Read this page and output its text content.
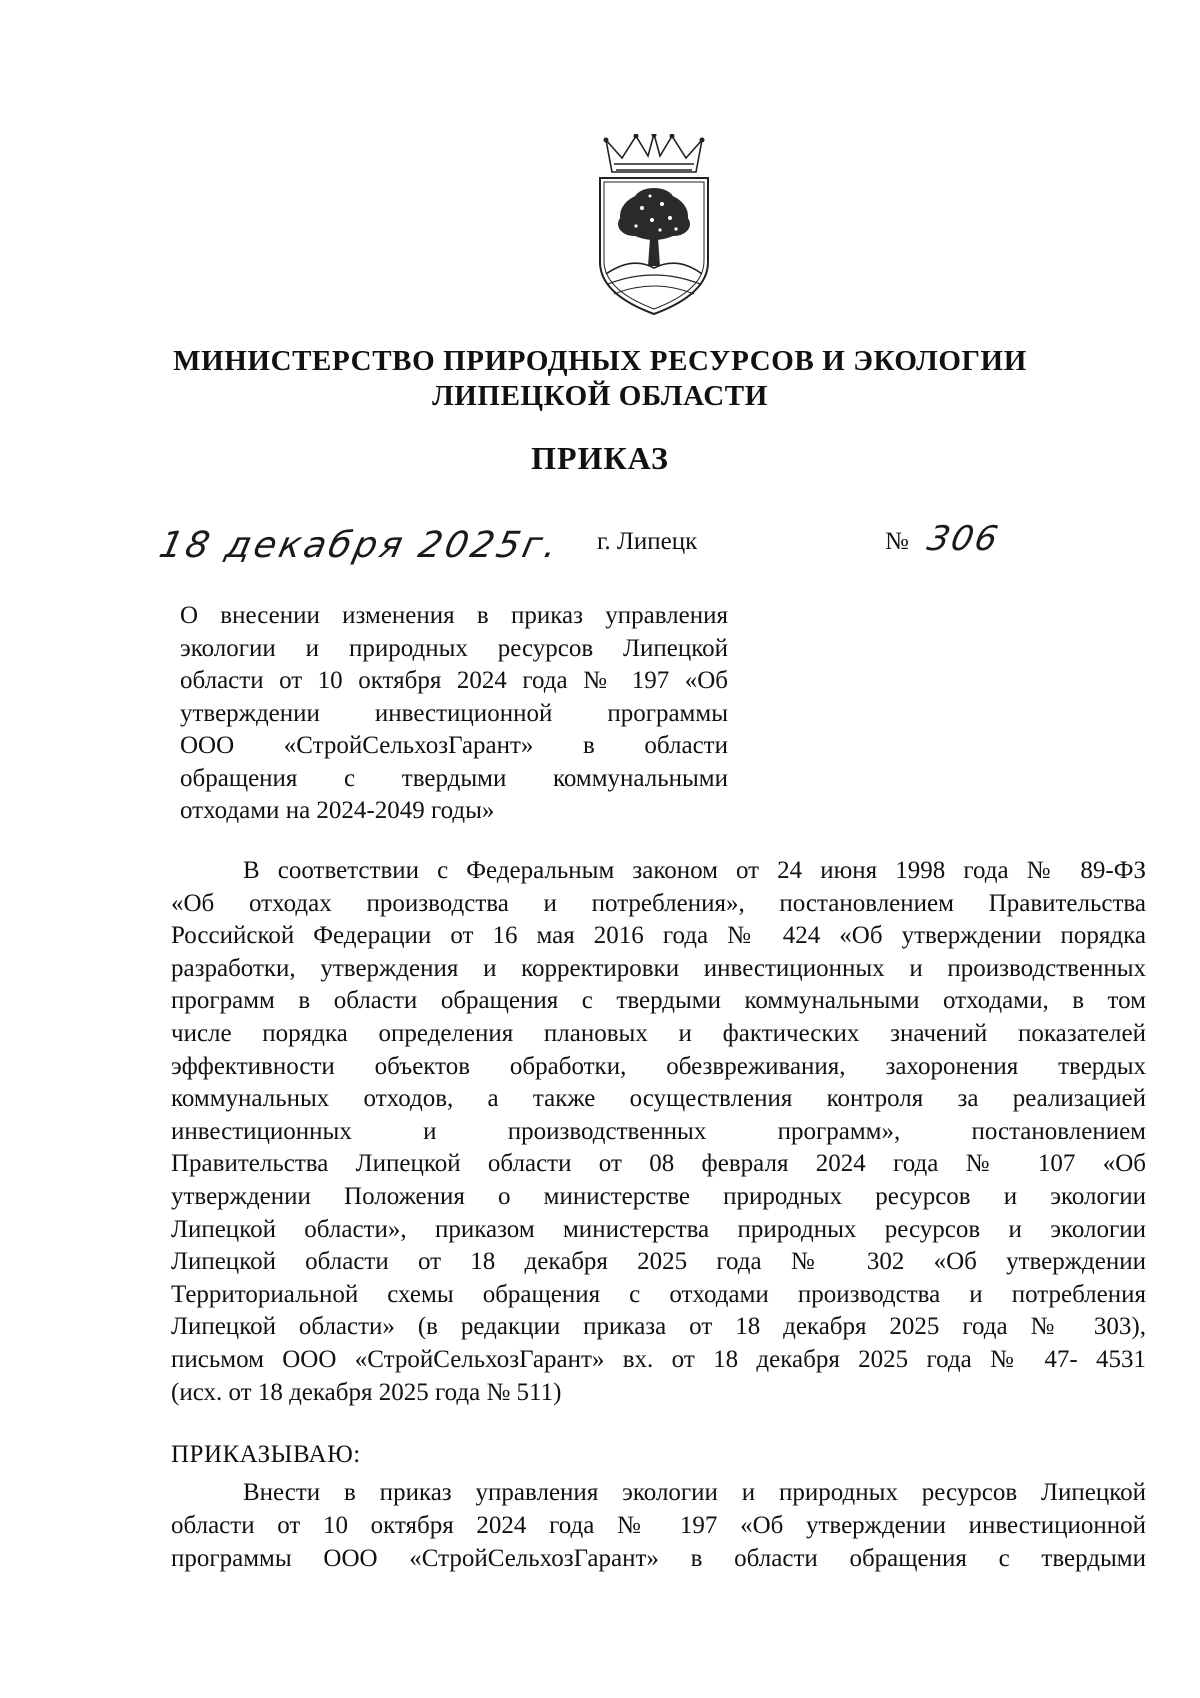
МИНИСТЕРСТВО ПРИРОДНЫХ РЕСУРСОВ И ЭКОЛОГИИ
ЛИПЕЦКОЙ ОБЛАСТИ
ПРИКАЗ
18 декабря 2025г. г. Липецк	№ 306
О внесении изменения в приказ управления
экологии и природных ресурсов Липецкой
области от 10 октября 2024 года № 197 «Об
утверждении инвестиционной программы
ООО «СтройСельхозГарант» в области
обращения с твердыми коммунальными
отходами на 2024-2049 годы»
В соответствии с Федеральным законом от 24 июня 1998 года № 89-ФЗ
«Об отходах производства и потребления», постановлением Правительства
Российской Федерации от 16 мая 2016 года № 424 «Об утверждении порядка
разработки, утверждения и корректировки инвестиционных и производственных
программ в области обращения с твердыми коммунальными отходами, в том
числе порядка определения плановых и фактических значений показателей
эффективности объектов обработки, обезвреживания, захоронения твердых
коммунальных отходов, а также осуществления контроля за реализацией
инвестиционных и производственных программ», постановлением
Правительства Липецкой области от 08 февраля 2024 года № 107 «Об
утверждении Положения о министерстве природных ресурсов и экологии
Липецкой области», приказом министерства природных ресурсов и экологии
Липецкой области от 18 декабря 2025 года № 302 «Об утверждении
Территориальной схемы обращения с отходами производства и потребления
Липецкой области» (в редакции приказа от 18 декабря 2025 года № 303),
письмом ООО «СтройСельхозГарант» вх. от 18 декабря 2025 года № 47- 4531
(исх. от 18 декабря 2025 года № 511)
ПРИКАЗЫВАЮ:
Внести в приказ управления экологии и природных ресурсов Липецкой
области от 10 октября 2024 года № 197 «Об утверждении инвестиционной
программы ООО «СтройСельхозГарант» в области обращения с твердыми
